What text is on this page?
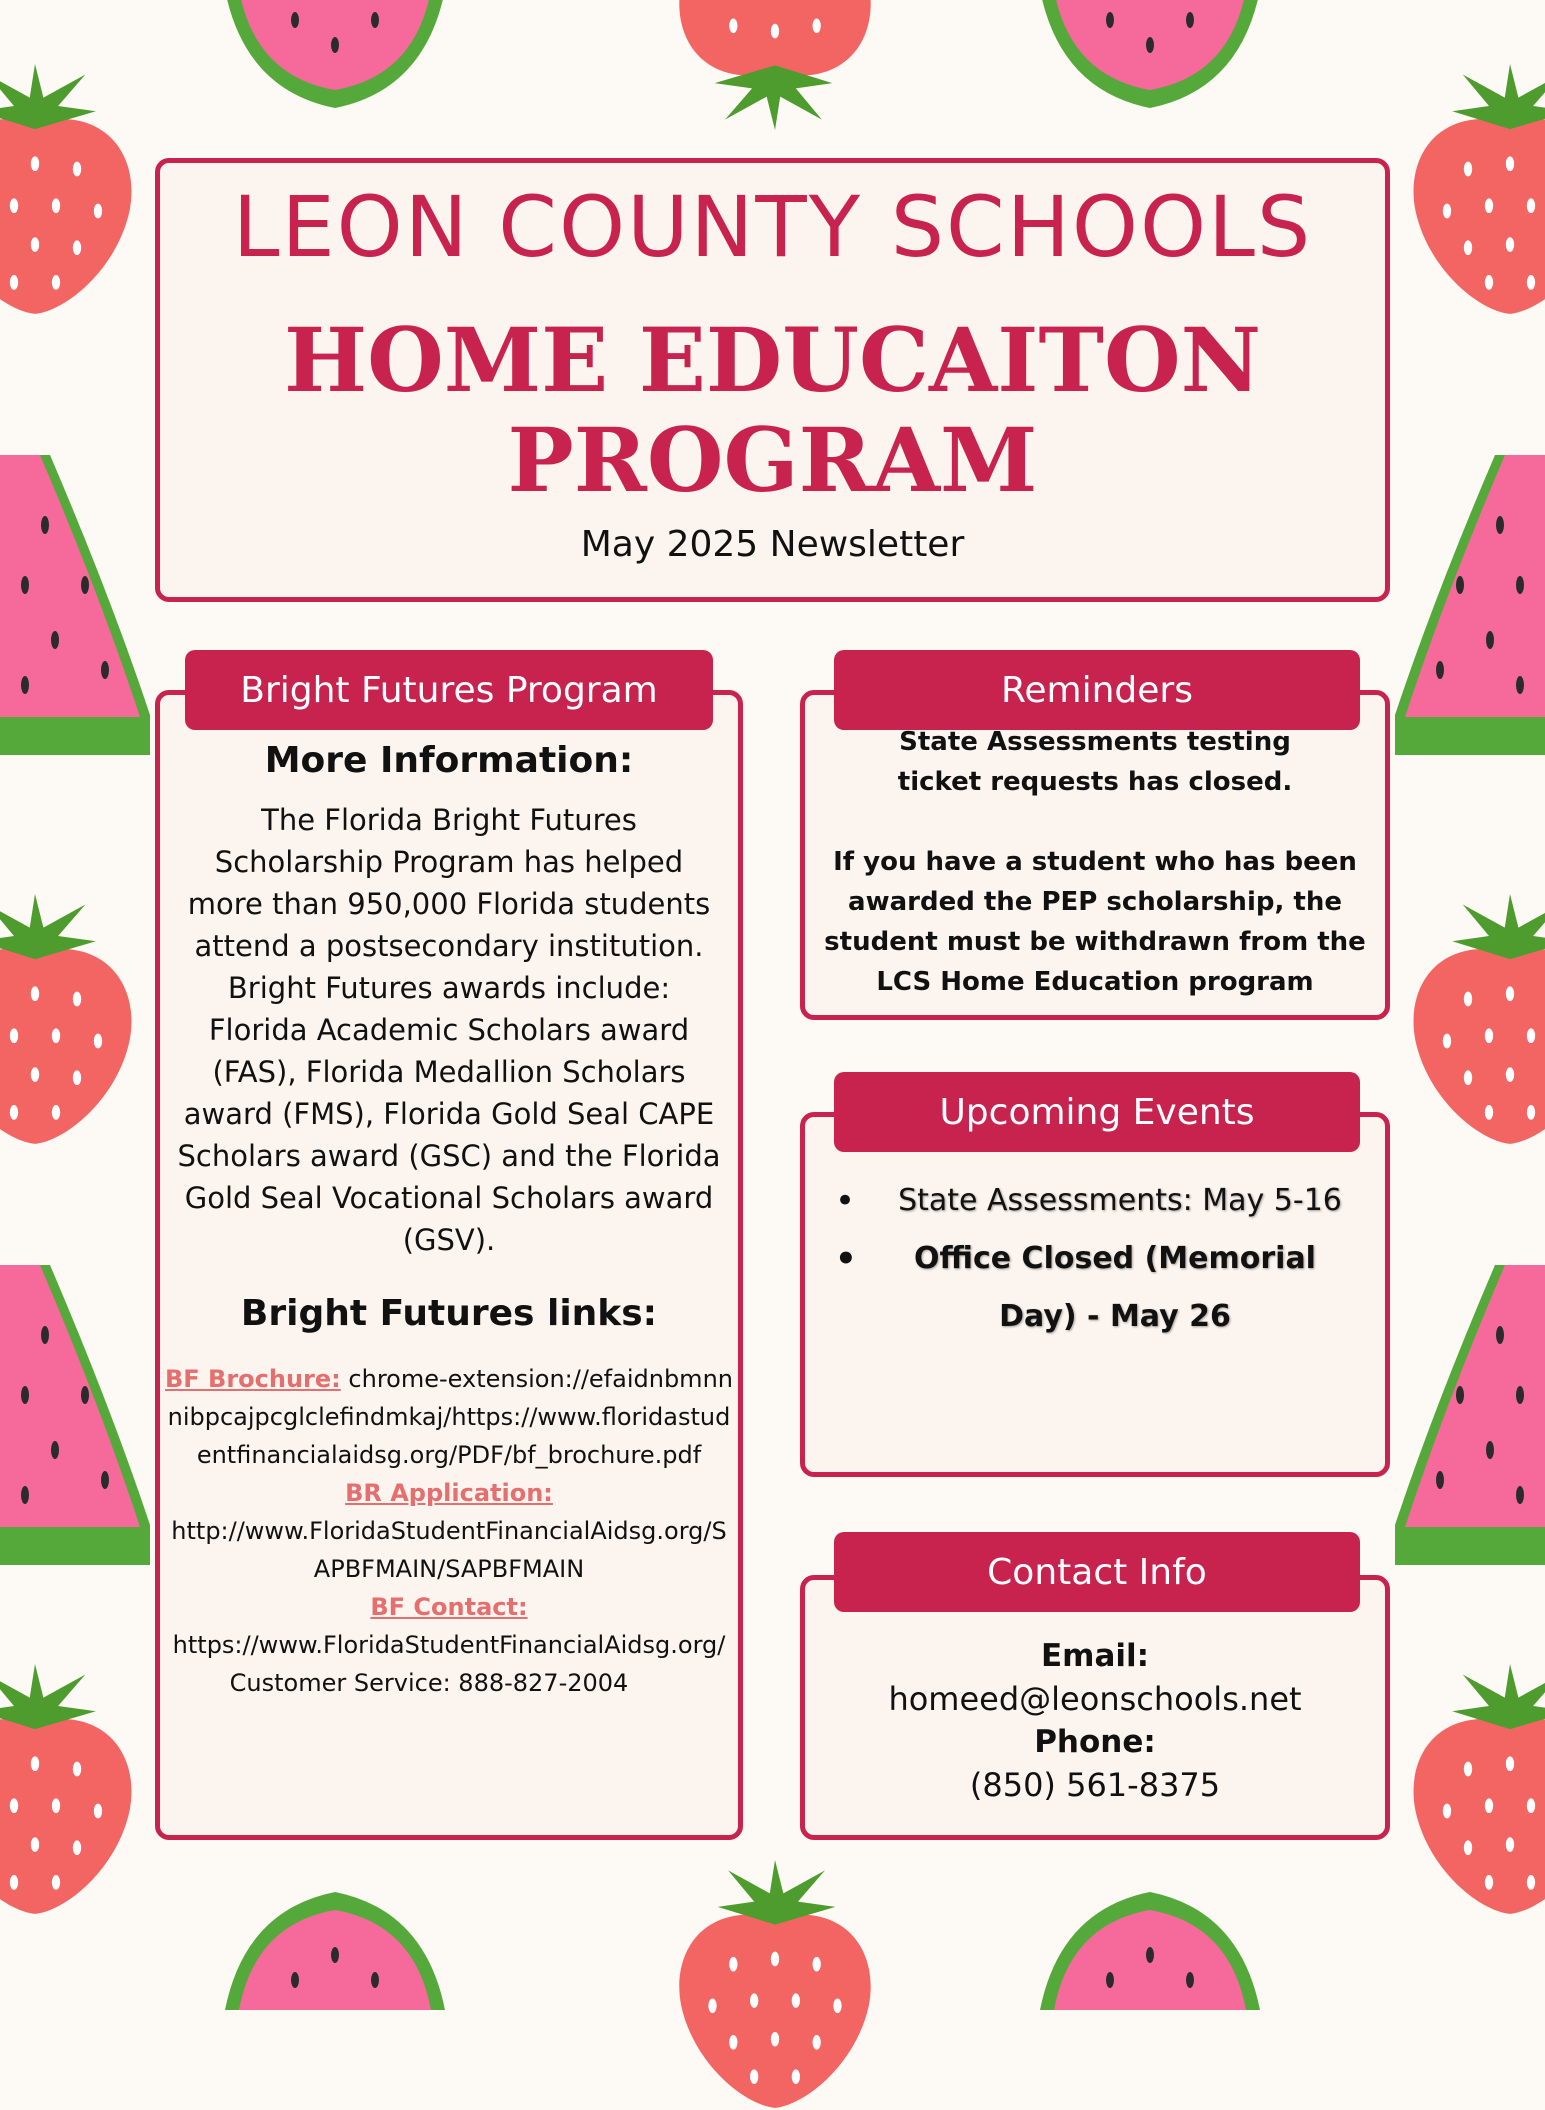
LEON COUNTY SCHOOLS
HOME EDUCAITON
PROGRAM
May 2025 Newsletter
Bright Futures Program
More Information:
The Florida Bright Futures Scholarship Program has helped more than 950,000 Florida students attend a postsecondary institution. Bright Futures awards include: Florida Academic Scholars award (FAS), Florida Medallion Scholars award (FMS), Florida Gold Seal CAPE Scholars award (GSC) and the Florida Gold Seal Vocational Scholars award (GSV).
Bright Futures links:
BF Brochure: chrome-extension://efaidnbmnnnibpcajpcglclefindmkaj/https://www.floridastudentfinancialaidsg.org/PDF/bf_brochure.pdf
BR Application:
http://www.FloridaStudentFinancialAidsg.org/SAPBFMAIN/SAPBFMAIN
BF Contact:
https://www.FloridaStudentFinancialAidsg.org/
Customer Service: 888-827-2004
Reminders
State Assessments testing ticket requests has closed.
If you have a student who has been awarded the PEP scholarship, the student must be withdrawn from the LCS Home Education program
Upcoming Events
• State Assessments: May 5-16
• Office Closed (Memorial Day) - May 26
Contact Info
Email:
homeed@leonschools.net
Phone:
(850) 561-8375
